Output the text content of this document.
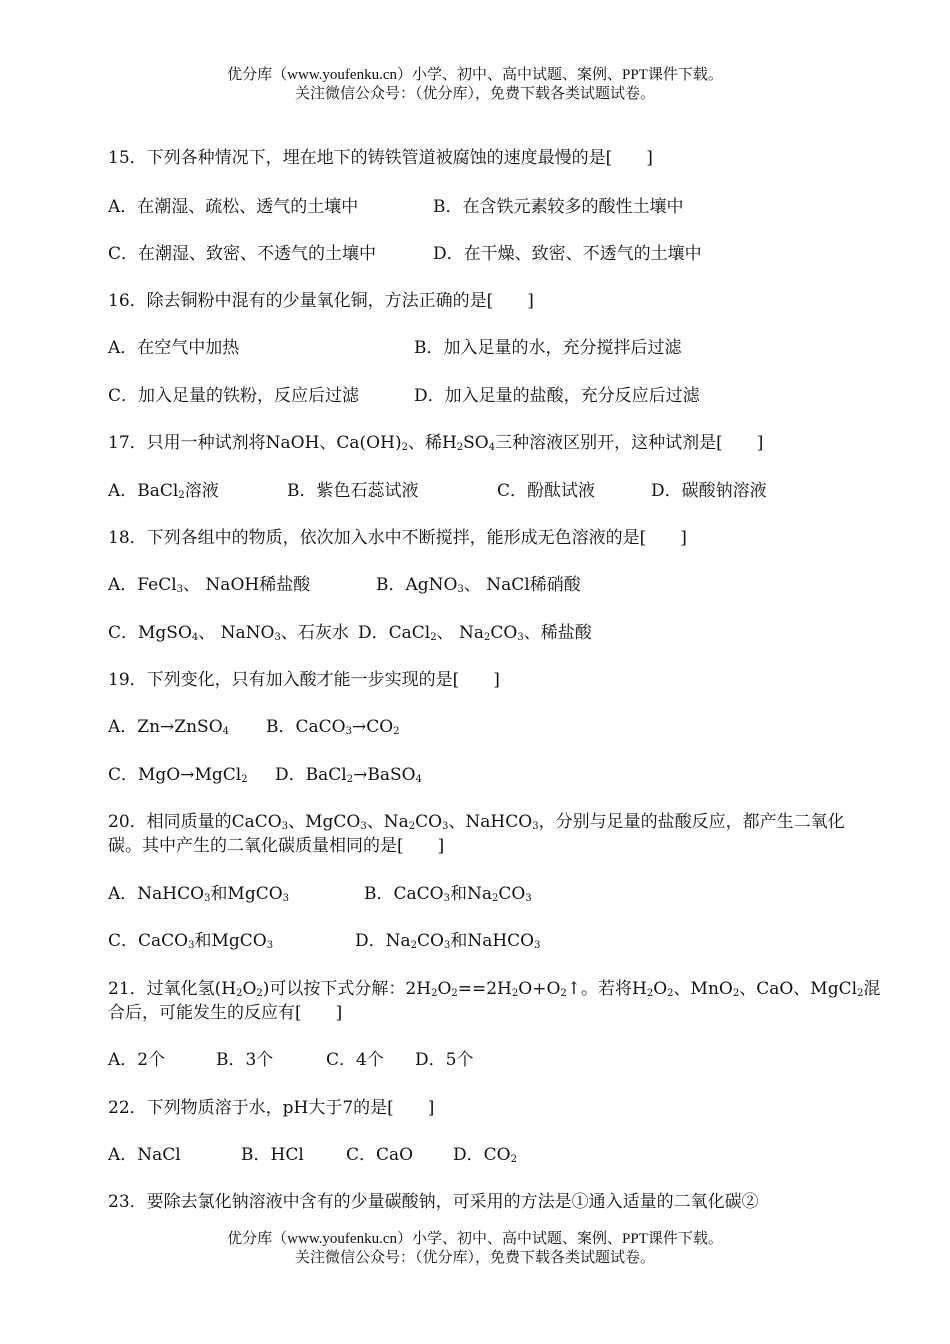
优分库（www.youfenku.cn）小学、初中、高中试题、案例、PPT课件下载。
关注微信公众号：（优分库），免费下载各类试题试卷。
15．下列各种情况下，埋在地下的铸铁管道被腐蚀的速度最慢的是[　　]
A．在潮湿、疏松、透气的土壤中	B．在含铁元素较多的酸性土壤中
C．在潮湿、致密、不透气的土壤中	D．在干燥、致密、不透气的土壤中
16．除去铜粉中混有的少量氧化铜，方法正确的是[　　]
A．在空气中加热	B．加入足量的水，充分搅拌后过滤
C．加入足量的铁粉，反应后过滤	D．加入足量的盐酸，充分反应后过滤
17．只用一种试剂将NaOH、$Ca(OH)_2$、稀$H_2SO_4$三种溶液区别开，这种试剂是[　　]
A．BaCl$_2$溶液	B．紫色石蕊试液	C．酚酞试液	D．碳酸钠溶液
18．下列各组中的物质，依次加入水中不断搅拌，能形成无色溶液的是[　　]
A．FeCl$_3$、 NaOH稀盐酸	B．AgNO$_3$、 NaCl稀硝酸
C．MgSO$_4$、 NaNO$_3$、石灰水 D．CaCl$_2$、 $Na_2CO_3$、稀盐酸
19．下列变化，只有加入酸才能一步实现的是[　　]
A．Zn→ZnSO$_4$ B．$CaCO_3\to CO_2$
C．MgO→MgCl$_2$ D．BaCl$_2$→BaSO$_4$
20．相同质量的CaCO$_3$、MgCO$_3$、$Na_2CO_3$、NaHCO$_3$，分别与足量的盐酸反应，都产生二氧化
碳。其中产生的二氧化碳质量相同的是[　　]
A．NaHCO$_3$和MgCO$_3$	B．CaCO$_3$和$Na_2CO_3$
C．CaCO$_3$和MgCO$_3$	D．$Na_2CO_3$和NaHCO$_3$
21．过氧化氢$(H_2O_2)$可以按下式分解：$2H_2O_2==2H_2O+O_2↑$。若将$H_2O_2$、MnO$_2$、CaO、MgCl$_2$混
合后，可能发生的反应有[　　]
A．2个	B．3个	C．4个 D．5个
22．下列物质溶于水，pH大于7的是[　　]
A．NaCl	B．HCl C．CaO D．$CO_2$
23．要除去氯化钠溶液中含有的少量碳酸钠，可采用的方法是①通入适量的二氧化碳②
优分库（www.youfenku.cn）小学、初中、高中试题、案例、PPT课件下载。
关注微信公众号：（优分库），免费下载各类试题试卷。
